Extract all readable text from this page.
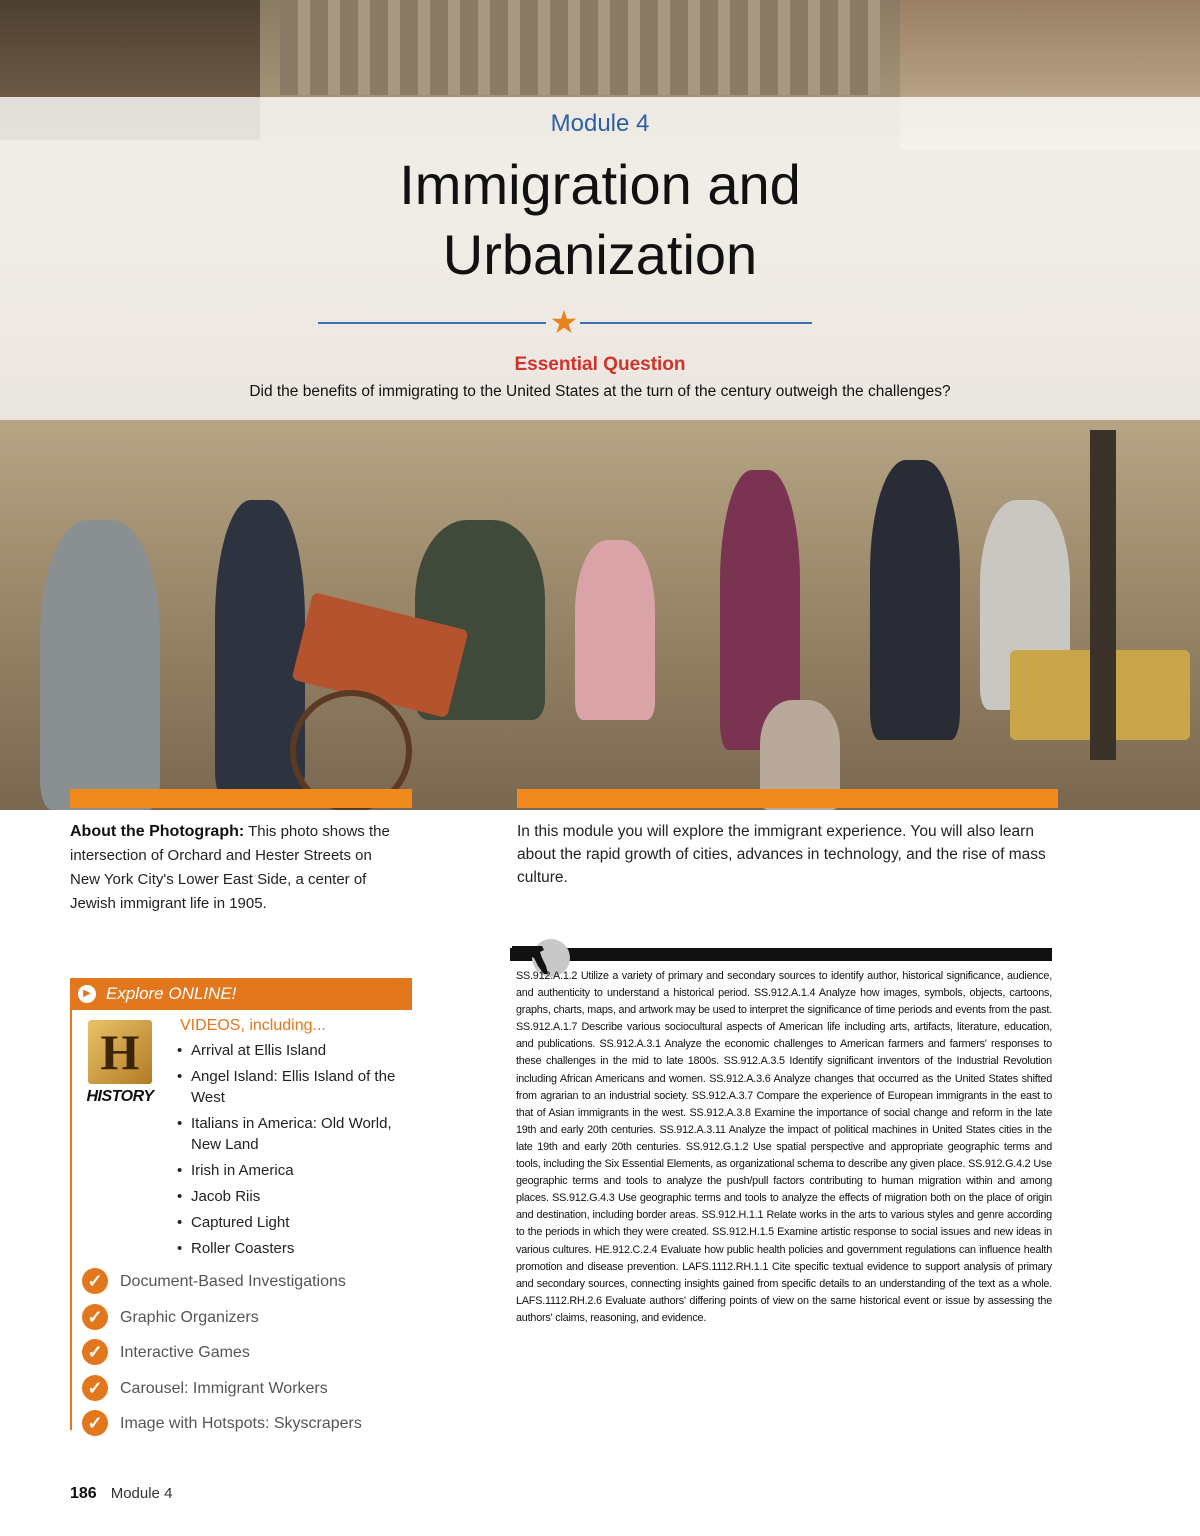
Module 4
Immigration and
Urbanization
★
Essential Question
Did the benefits of immigrating to the United States at the turn of the century outweigh the challenges?
About the Photograph: This photo shows the intersection of Orchard and Hester Streets on New York City's Lower East Side, a center of Jewish immigrant life in 1905.
In this module you will explore the immigrant experience. You will also learn about the rapid growth of cities, advances in technology, and the rise of mass culture.
▶ Explore ONLINE!
H
HISTORY
VIDEOS, including...
• Arrival at Ellis Island
• Angel Island: Ellis Island of the West
• Italians in America: Old World, New Land
• Irish in America
• Jacob Riis
• Captured Light
• Roller Coasters
✓	Document-Based Investigations
✓	Graphic Organizers
✓	Interactive Games
✓	Carousel: Immigrant Workers
✓	Image with Hotspots: Skyscrapers
SS.912.A.1.2 Utilize a variety of primary and secondary sources to identify author, historical significance, audience, and authenticity to understand a historical period. SS.912.A.1.4 Analyze how images, symbols, objects, cartoons, graphs, charts, maps, and artwork may be used to interpret the significance of time periods and events from the past. SS.912.A.1.7 Describe various sociocultural aspects of American life including arts, artifacts, literature, education, and publications. SS.912.A.3.1 Analyze the economic challenges to American farmers and farmers' responses to these challenges in the mid to late 1800s. SS.912.A.3.5 Identify significant inventors of the Industrial Revolution including African Americans and women. SS.912.A.3.6 Analyze changes that occurred as the United States shifted from agrarian to an industrial society. SS.912.A.3.7 Compare the experience of European immigrants in the east to that of Asian immigrants in the west. SS.912.A.3.8 Examine the importance of social change and reform in the late 19th and early 20th centuries. SS.912.A.3.11 Analyze the impact of political machines in United States cities in the late 19th and early 20th centuries. SS.912.G.1.2 Use spatial perspective and appropriate geographic terms and tools, including the Six Essential Elements, as organizational schema to describe any given place. SS.912.G.4.2 Use geographic terms and tools to analyze the push/pull factors contributing to human migration within and among places. SS.912.G.4.3 Use geographic terms and tools to analyze the effects of migration both on the place of origin and destination, including border areas. SS.912.H.1.1 Relate works in the arts to various styles and genre according to the periods in which they were created. SS.912.H.1.5 Examine artistic response to social issues and new ideas in various cultures. HE.912.C.2.4 Evaluate how public health policies and government regulations can influence health promotion and disease prevention. LAFS.1112.RH.1.1 Cite specific textual evidence to support analysis of primary and secondary sources, connecting insights gained from specific details to an understanding of the text as a whole. LAFS.1112.RH.2.6 Evaluate authors' differing points of view on the same historical event or issue by assessing the authors' claims, reasoning, and evidence.
186 Module 4
